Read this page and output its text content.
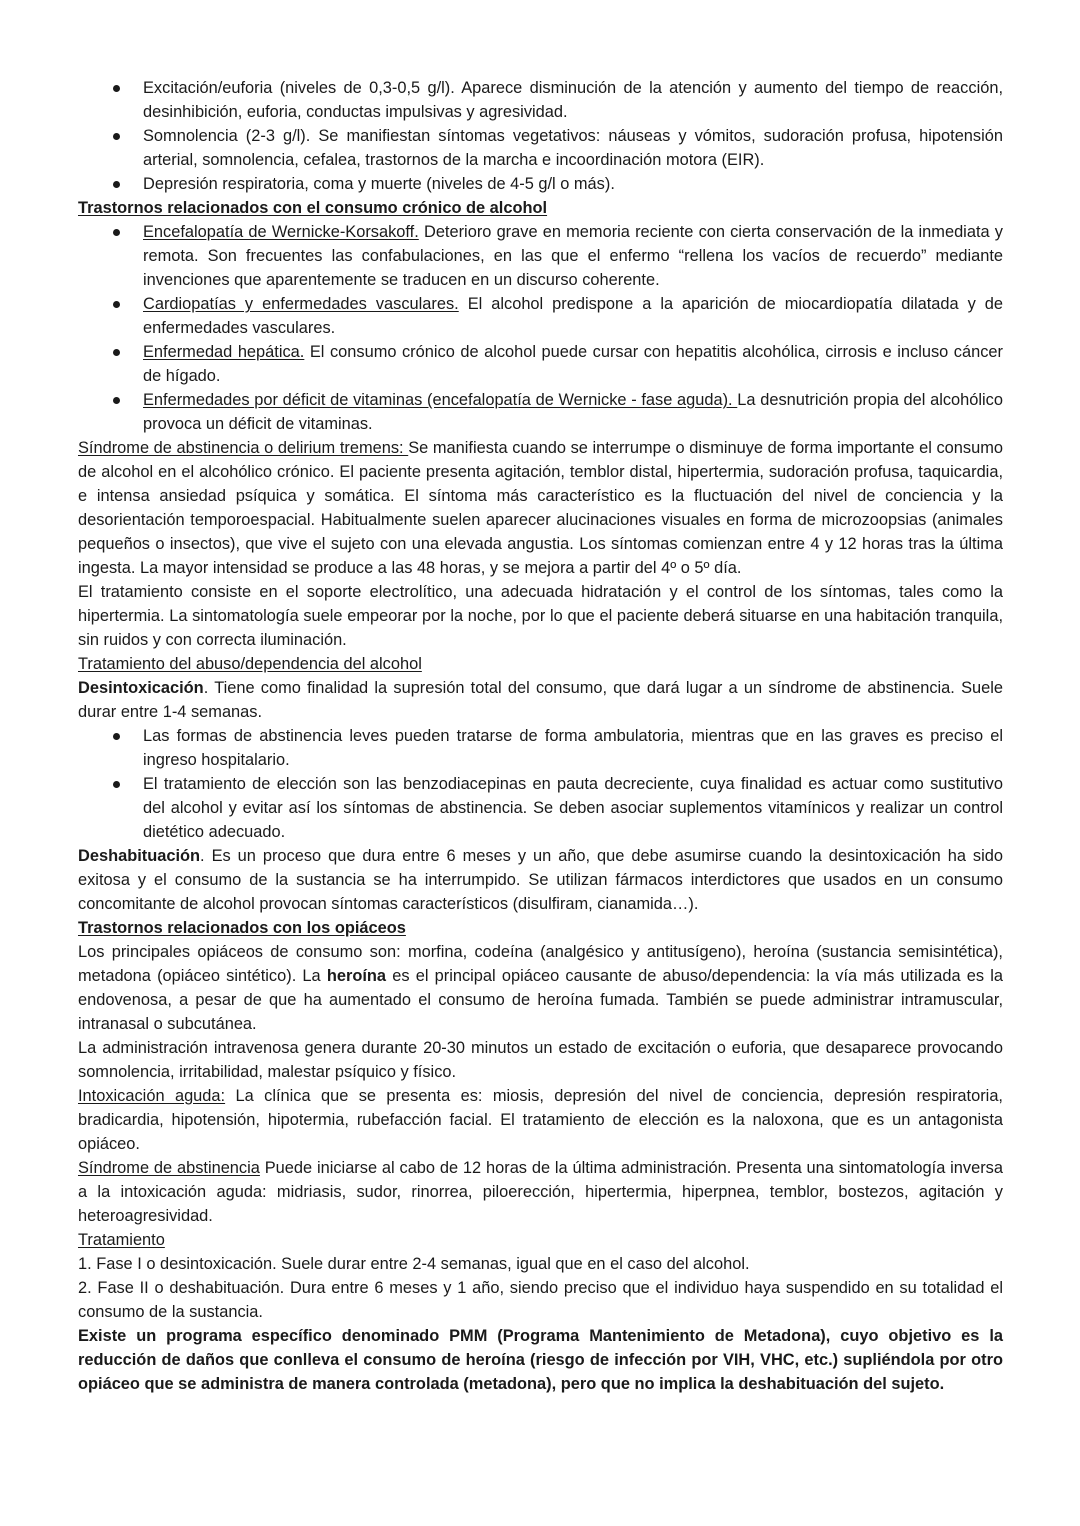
Excitación/euforia (niveles de 0,3-0,5 g/l). Aparece disminución de la atención y aumento del tiempo de reacción, desinhibición, euforia, conductas impulsivas y agresividad.
Somnolencia (2-3 g/l). Se manifiestan síntomas vegetativos: náuseas y vómitos, sudoración profusa, hipotensión arterial, somnolencia, cefalea, trastornos de la marcha e incoordinación motora (EIR).
Depresión respiratoria, coma y muerte (niveles de 4-5 g/l o más).

Trastornos relacionados con el consumo crónico de alcohol

Encefalopatía de Wernicke-Korsakoff. Deterioro grave en memoria reciente con cierta conservación de la inmediata y remota. Son frecuentes las confabulaciones, en las que el enfermo “rellena los vacíos de recuerdo” mediante invenciones que aparentemente se traducen en un discurso coherente.
Cardiopatías y enfermedades vasculares. El alcohol predispone a la aparición de miocardiopatía dilatada y de enfermedades vasculares.
Enfermedad hepática. El consumo crónico de alcohol puede cursar con hepatitis alcohólica, cirrosis e incluso cáncer de hígado.
Enfermedades por déficit de vitaminas (encefalopatía de Wernicke - fase aguda). La desnutrición propia del alcohólico provoca un déficit de vitaminas.

Síndrome de abstinencia o delirium tremens: Se manifiesta cuando se interrumpe o disminuye de forma importante el consumo de alcohol en el alcohólico crónico. El paciente presenta agitación, temblor distal, hipertermia, sudoración profusa, taquicardia, e intensa ansiedad psíquica y somática. El síntoma más característico es la fluctuación del nivel de conciencia y la desorientación temporoespacial. Habitualmente suelen aparecer alucinaciones visuales en forma de microzoopsias (animales pequeños o insectos), que vive el sujeto con una elevada angustia. Los síntomas comienzan entre 4 y 12 horas tras la última ingesta. La mayor intensidad se produce a las 48 horas, y se mejora a partir del 4º o 5º día.

El tratamiento consiste en el soporte electrolítico, una adecuada hidratación y el control de los síntomas, tales como la hipertermia. La sintomatología suele empeorar por la noche, por lo que el paciente deberá situarse en una habitación tranquila, sin ruidos y con correcta iluminación.

Tratamiento del abuso/dependencia del alcohol

Desintoxicación. Tiene como finalidad la supresión total del consumo, que dará lugar a un síndrome de abstinencia. Suele durar entre 1-4 semanas.

Las formas de abstinencia leves pueden tratarse de forma ambulatoria, mientras que en las graves es preciso el ingreso hospitalario.
El tratamiento de elección son las benzodiacepinas en pauta decreciente, cuya finalidad es actuar como sustitutivo del alcohol y evitar así los síntomas de abstinencia. Se deben asociar suplementos vitamínicos y realizar un control dietético adecuado.

Deshabituación. Es un proceso que dura entre 6 meses y un año, que debe asumirse cuando la desintoxicación ha sido exitosa y el consumo de la sustancia se ha interrumpido. Se utilizan fármacos interdictores que usados en un consumo concomitante de alcohol provocan síntomas característicos (disulfiram, cianamida…).

Trastornos relacionados con los opiáceos

Los principales opiáceos de consumo son: morfina, codeína (analgésico y antitusígeno), heroína (sustancia semisintética), metadona (opiáceo sintético). La heroína es el principal opiáceo causante de abuso/dependencia: la vía más utilizada es la endovenosa, a pesar de que ha aumentado el consumo de heroína fumada. También se puede administrar intramuscular, intranasal o subcutánea.

La administración intravenosa genera durante 20-30 minutos un estado de excitación o euforia, que desaparece provocando somnolencia, irritabilidad, malestar psíquico y físico.

Intoxicación aguda: La clínica que se presenta es: miosis, depresión del nivel de conciencia, depresión respiratoria, bradicardia, hipotensión, hipotermia, rubefacción facial. El tratamiento de elección es la naloxona, que es un antagonista opiáceo.

Síndrome de abstinencia Puede iniciarse al cabo de 12 horas de la última administración. Presenta una sintomatología inversa a la intoxicación aguda: midriasis, sudor, rinorrea, piloerección, hipertermia, hiperpnea, temblor, bostezos, agitación y heteroagresividad.

Tratamiento

1. Fase I o desintoxicación. Suele durar entre 2-4 semanas, igual que en el caso del alcohol.

2. Fase II o deshabituación. Dura entre 6 meses y 1 año, siendo preciso que el individuo haya suspendido en su totalidad el consumo de la sustancia.

Existe un programa específico denominado PMM (Programa Mantenimiento de Metadona), cuyo objetivo es la reducción de daños que conlleva el consumo de heroína (riesgo de infección por VIH, VHC, etc.) supliéndola por otro opiáceo que se administra de manera controlada (metadona), pero que no implica la deshabituación del sujeto.
